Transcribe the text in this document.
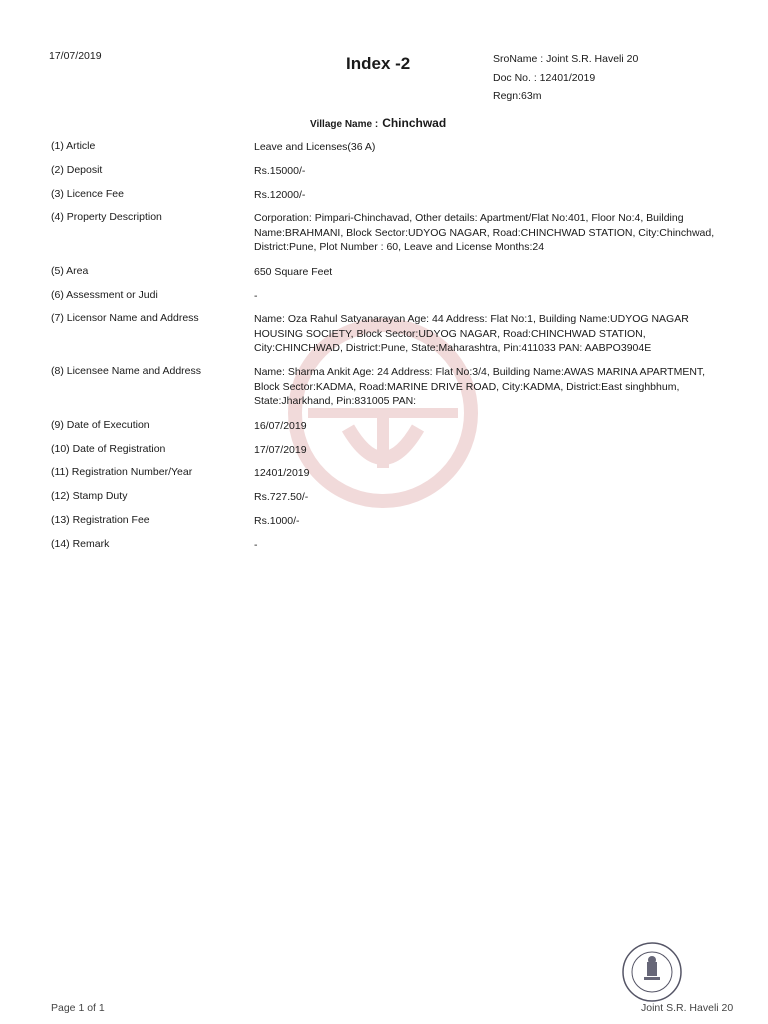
17/07/2019	Index -2	SroName : Joint S.R. Haveli 20
Doc No. : 12401/2019
Regn:63m
Village Name : Chinchwad
(1) Article	Leave and Licenses(36 A)
(2) Deposit	Rs.15000/-
(3) Licence Fee	Rs.12000/-
(4) Property Description	Corporation: Pimpari-Chinchavad, Other details: Apartment/Flat No:401, Floor No:4, Building Name:BRAHMANI, Block Sector:UDYOG NAGAR, Road:CHINCHWAD STATION, City:Chinchwad, District:Pune, Plot Number : 60, Leave and License Months:24
(5) Area	650 Square Feet
(6) Assessment or Judi	-
(7) Licensor Name and Address	Name: Oza Rahul Satyanarayan Age: 44 Address: Flat No:1, Building Name:UDYOG NAGAR HOUSING SOCIETY, Block Sector:UDYOG NAGAR, Road:CHINCHWAD STATION, City:CHINCHWAD, District:Pune, State:Maharashtra, Pin:411033 PAN: AABPO3904E
(8) Licensee Name and Address	Name: Sharma Ankit Age: 24 Address: Flat No:3/4, Building Name:AWAS MARINA APARTMENT, Block Sector:KADMA, Road:MARINE DRIVE ROAD, City:KADMA, District:East singhbhum, State:Jharkhand, Pin:831005 PAN:
(9) Date of Execution	16/07/2019
(10) Date of Registration	17/07/2019
(11) Registration Number/Year	12401/2019
(12) Stamp Duty	Rs.727.50/-
(13) Registration Fee	Rs.1000/-
(14) Remark	-
Page 1 of 1	Joint S.R. Haveli 20
